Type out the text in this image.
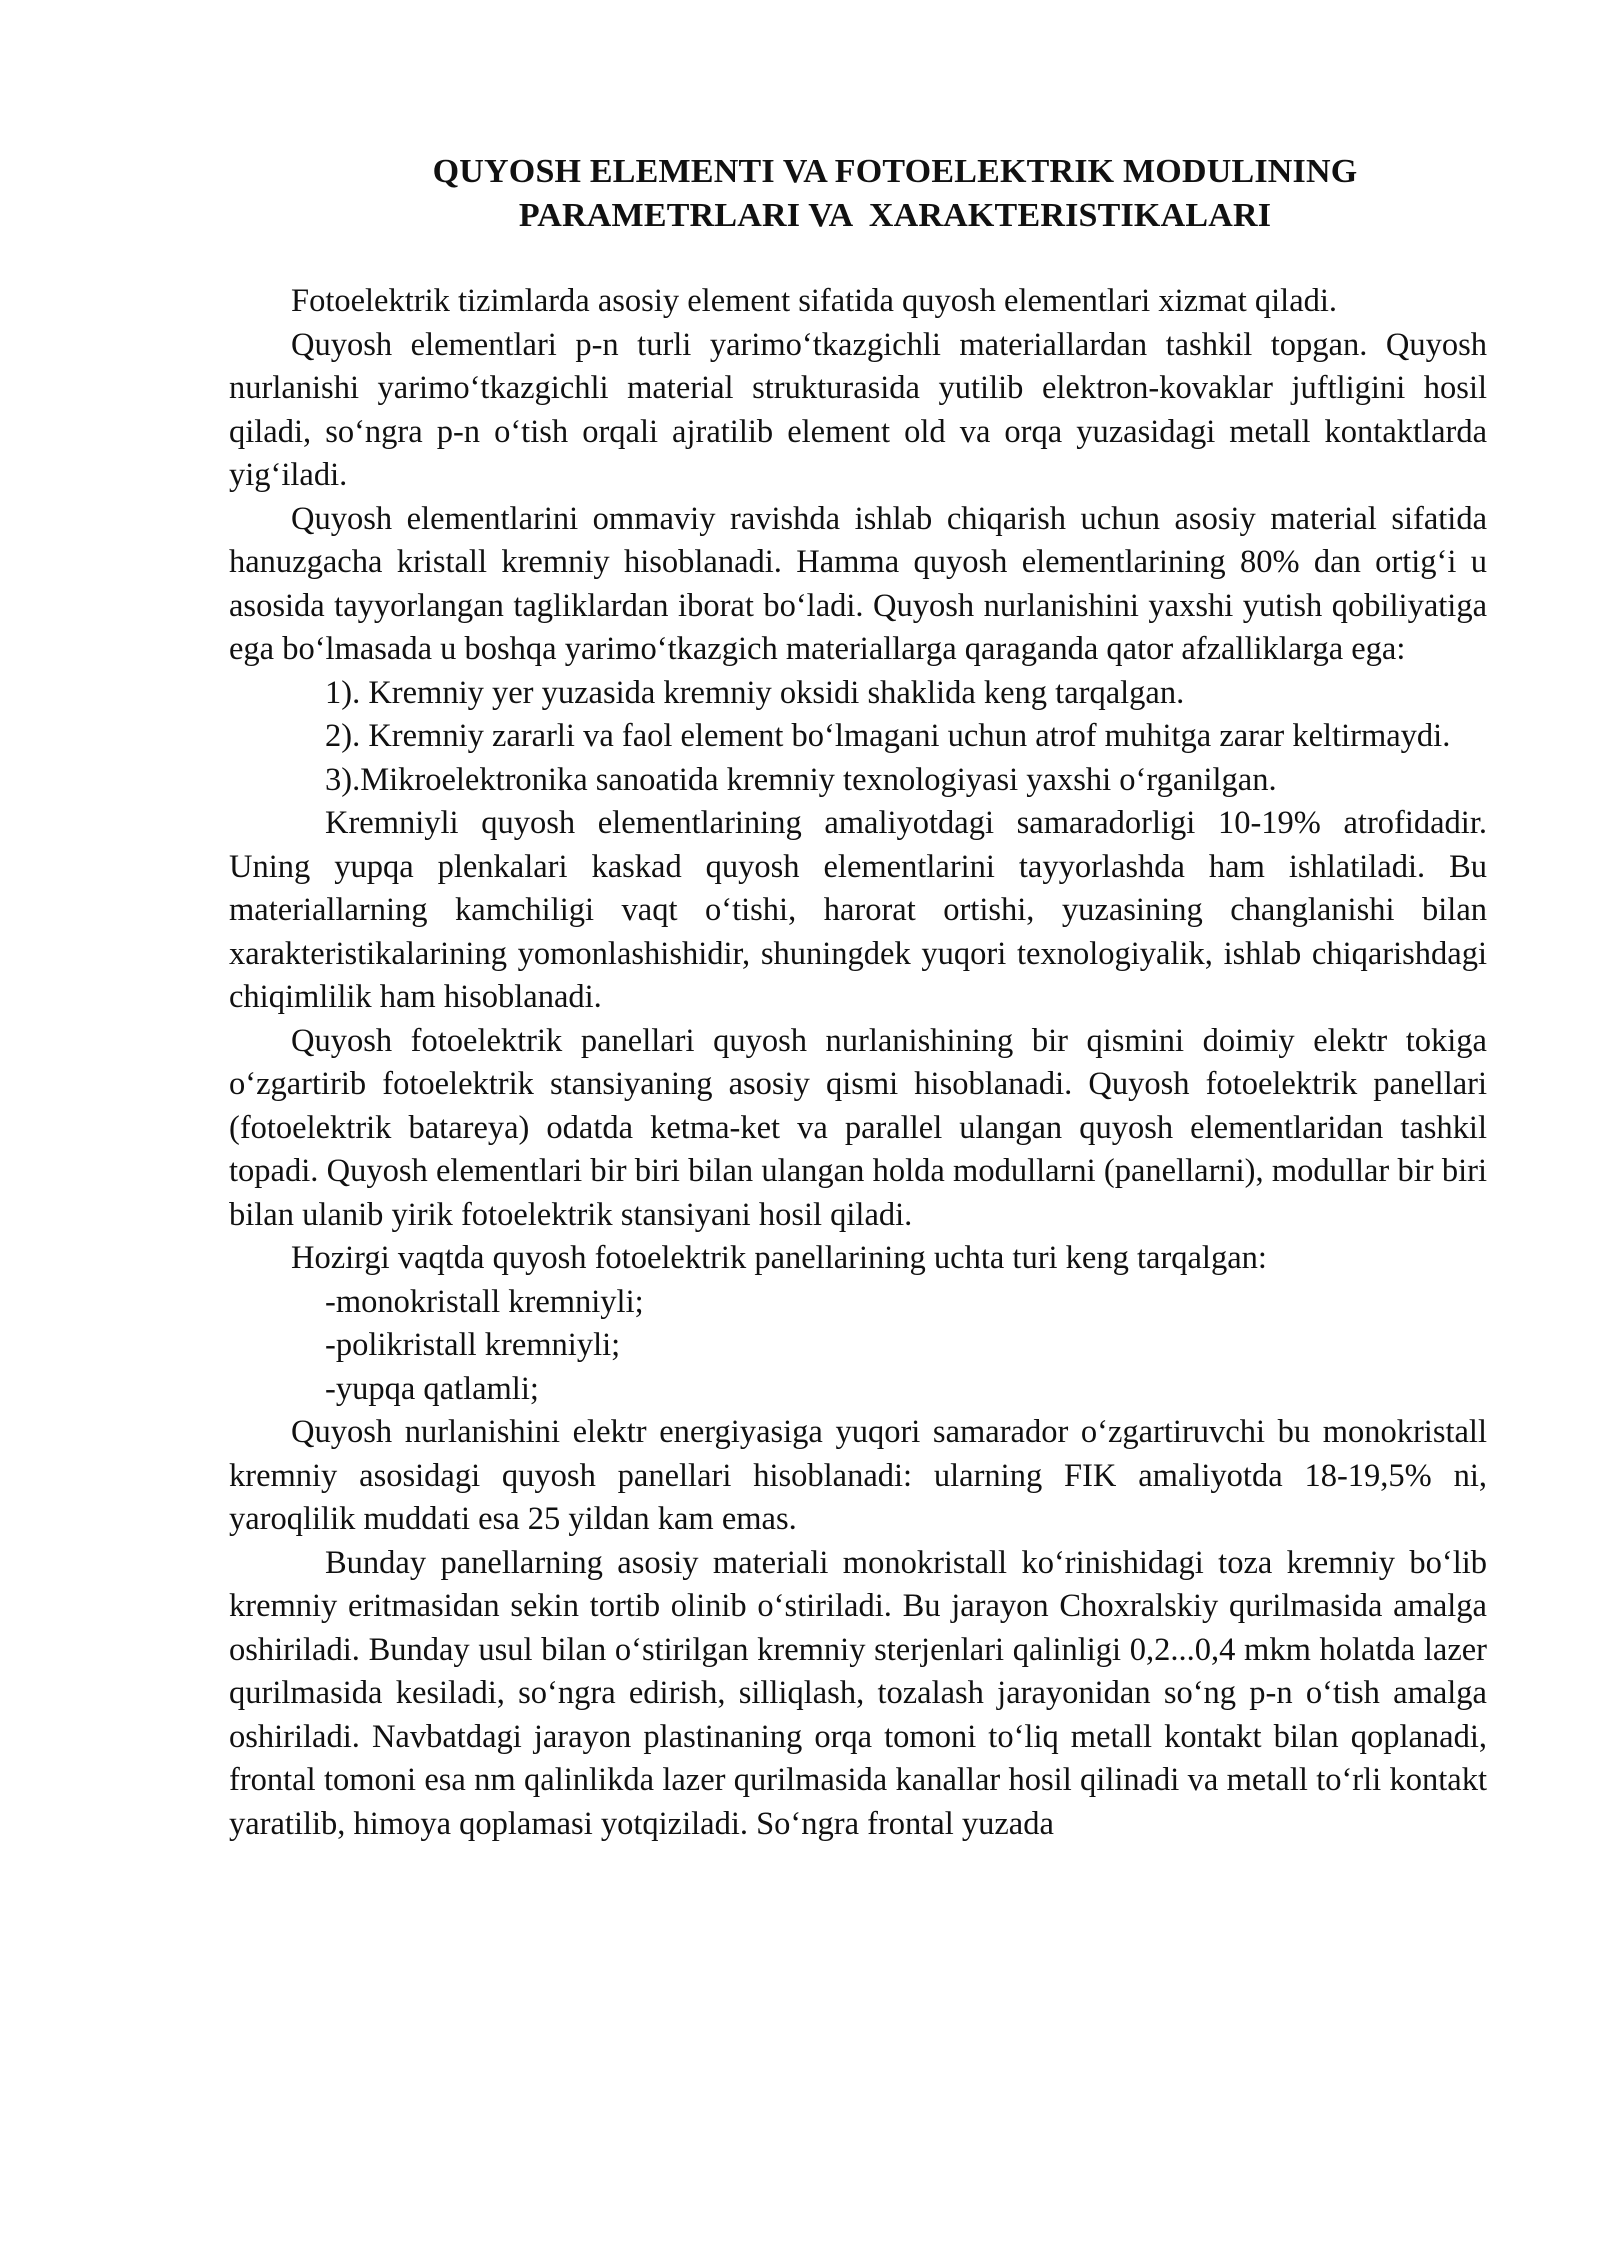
QUYOSH ELEMENTI VA FOTOELEKTRIK MODULINING
PARAMETRLARI VA  XARAKTERISTIKALARI

Fotoelektrik tizimlarda asosiy element sifatida quyosh elementlari xizmat qiladi.

Quyosh elementlari p-n turli yarimo‘tkazgichli materiallardan tashkil topgan. Quyosh nurlanishi yarimo‘tkazgichli material strukturasida yutilib elektron-kovaklar juftligini hosil qiladi, so‘ngra p-n o‘tish orqali ajratilib element old va orqa yuzasidagi metall kontaktlarda yig‘iladi.

Quyosh elementlarini ommaviy ravishda ishlab chiqarish uchun asosiy material sifatida hanuzgacha kristall kremniy hisoblanadi. Hamma quyosh elementlarining 80% dan ortig‘i u asosida tayyorlangan tagliklardan iborat bo‘ladi. Quyosh nurlanishini yaxshi yutish qobiliyatiga ega bo‘lmasada u boshqa yarimo‘tkazgich materiallarga qaraganda qator afzalliklarga ega:

1). Kremniy yer yuzasida kremniy oksidi shaklida keng tarqalgan.

2). Kremniy zararli va faol element bo‘lmagani uchun atrof muhitga zarar keltirmaydi.

3).Mikroelektronika sanoatida kremniy texnologiyasi yaxshi o‘rganilgan.

Kremniyli quyosh elementlarining amaliyotdagi samaradorligi 10-19% atrofidadir. Uning yupqa plenkalari kaskad quyosh elementlarini tayyorlashda ham ishlatiladi. Bu materiallarning kamchiligi vaqt o‘tishi, harorat ortishi, yuzasining changlanishi bilan xarakteristikalarining yomonlashishidir, shuningdek yuqori texnologiyalik, ishlab chiqarishdagi chiqimlilik ham hisoblanadi.

Quyosh fotoelektrik panellari quyosh nurlanishining bir qismini doimiy elektr tokiga o‘zgartirib fotoelektrik stansiyaning asosiy qismi hisoblanadi. Quyosh fotoelektrik panellari (fotoelektrik batareya) odatda ketma-ket va parallel ulangan quyosh elementlaridan tashkil topadi. Quyosh elementlari bir biri bilan ulangan holda modullarni (panellarni), modullar bir biri bilan ulanib yirik fotoelektrik stansiyani hosil qiladi.

Hozirgi vaqtda quyosh fotoelektrik panellarining uchta turi keng tarqalgan:

-monokristall kremniyli;

-polikristall kremniyli;

-yupqa qatlamli;

Quyosh nurlanishini elektr energiyasiga yuqori samarador o‘zgartiruvchi bu monokristall kremniy asosidagi quyosh panellari hisoblanadi: ularning FIK amaliyotda 18-19,5% ni, yaroqlilik muddati esa 25 yildan kam emas.

Bunday panellarning asosiy materiali monokristall ko‘rinishidagi toza kremniy bo‘lib kremniy eritmasidan sekin tortib olinib o‘stiriladi. Bu jarayon Choxralskiy qurilmasida amalga oshiriladi. Bunday usul bilan o‘stirilgan kremniy sterjenlari qalinligi 0,2...0,4 mkm holatda lazer qurilmasida kesiladi, so‘ngra edirish, silliqlash, tozalash jarayonidan so‘ng p-n o‘tish amalga oshiriladi. Navbatdagi jarayon plastinaning orqa tomoni to‘liq metall kontakt bilan qoplanadi, frontal tomoni esa nm qalinlikda lazer qurilmasida kanallar hosil qilinadi va metall to‘rli kontakt yaratilib, himoya qoplamasi yotqiziladi. So‘ngra frontal yuzada
